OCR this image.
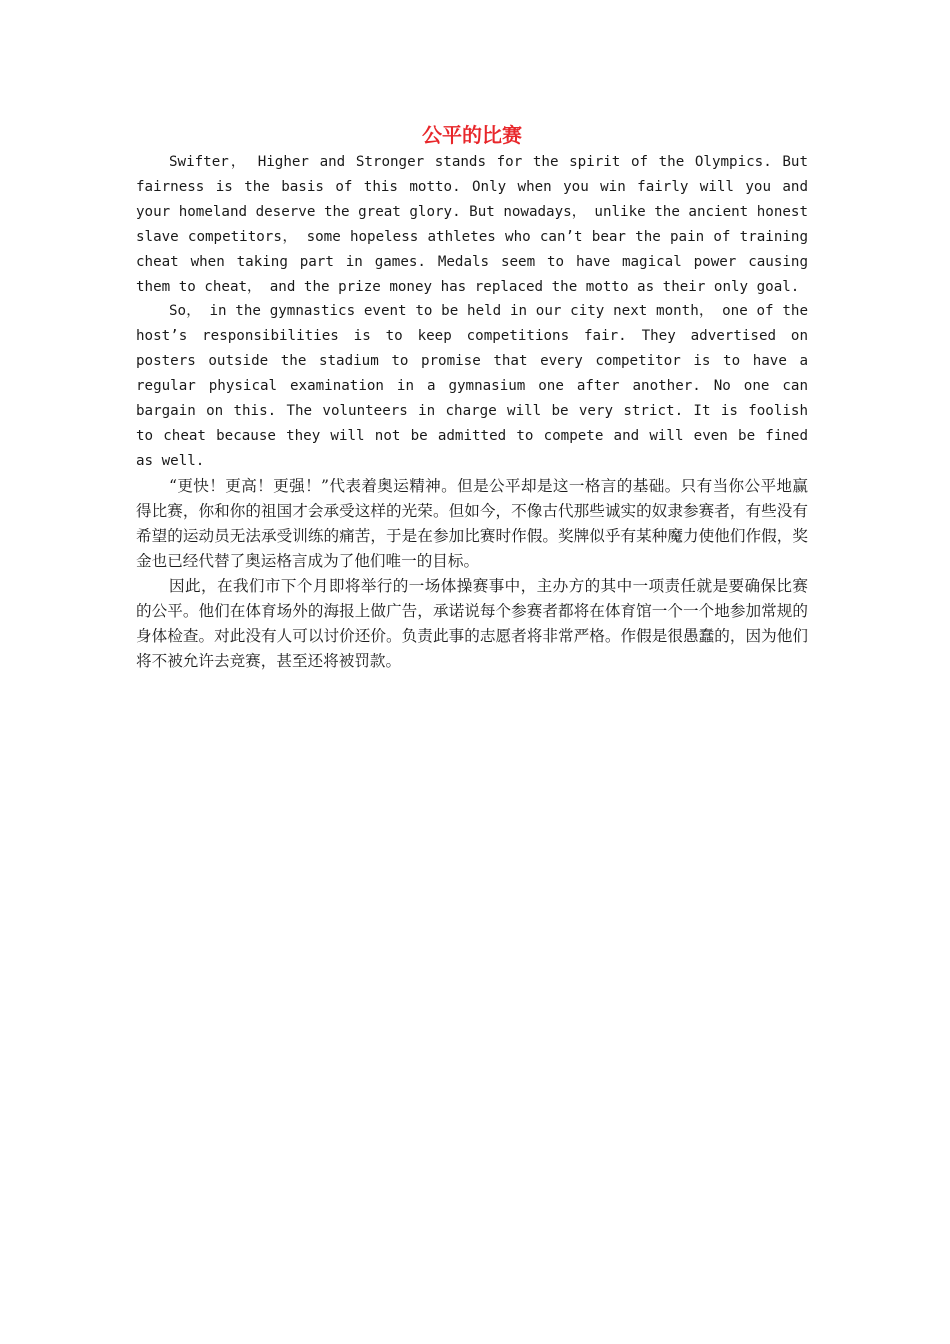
公平的比赛

Swifter， Higher and Stronger stands for the spirit of the Olympics. But fairness is the basis of this motto. Only when you win fairly will you and your homeland deserve the great glory. But nowadays， unlike the ancient honest slave competitors， some hopeless athletes who can’t bear the pain of training cheat when taking part in games. Medals seem to have magical power causing them to cheat， and the prize money has replaced the motto as their only goal.

So， in the gymnastics event to be held in our city next month， one of the host’s responsibilities is to keep competitions fair. They advertised on posters outside the stadium to promise that every competitor is to have a regular physical examination in a gymnasium one after another. No one can bargain on this. The volunteers in charge will be very strict. It is foolish to cheat because they will not be admitted to compete and will even be fined as well.

“更快！更高！更强！”代表着奥运精神。但是公平却是这一格言的基础。只有当你公平地赢得比赛，你和你的祖国才会承受这样的光荣。但如今，不像古代那些诚实的奴隶参赛者，有些没有希望的运动员无法承受训练的痛苦，于是在参加比赛时作假。奖牌似乎有某种魔力使他们作假，奖金也已经代替了奥运格言成为了他们唯一的目标。

因此，在我们市下个月即将举行的一场体操赛事中，主办方的其中一项责任就是要确保比赛的公平。他们在体育场外的海报上做广告，承诺说每个参赛者都将在体育馆一个一个地参加常规的身体检查。对此没有人可以讨价还价。负责此事的志愿者将非常严格。作假是很愚蠢的，因为他们将不被允许去竞赛，甚至还将被罚款。
